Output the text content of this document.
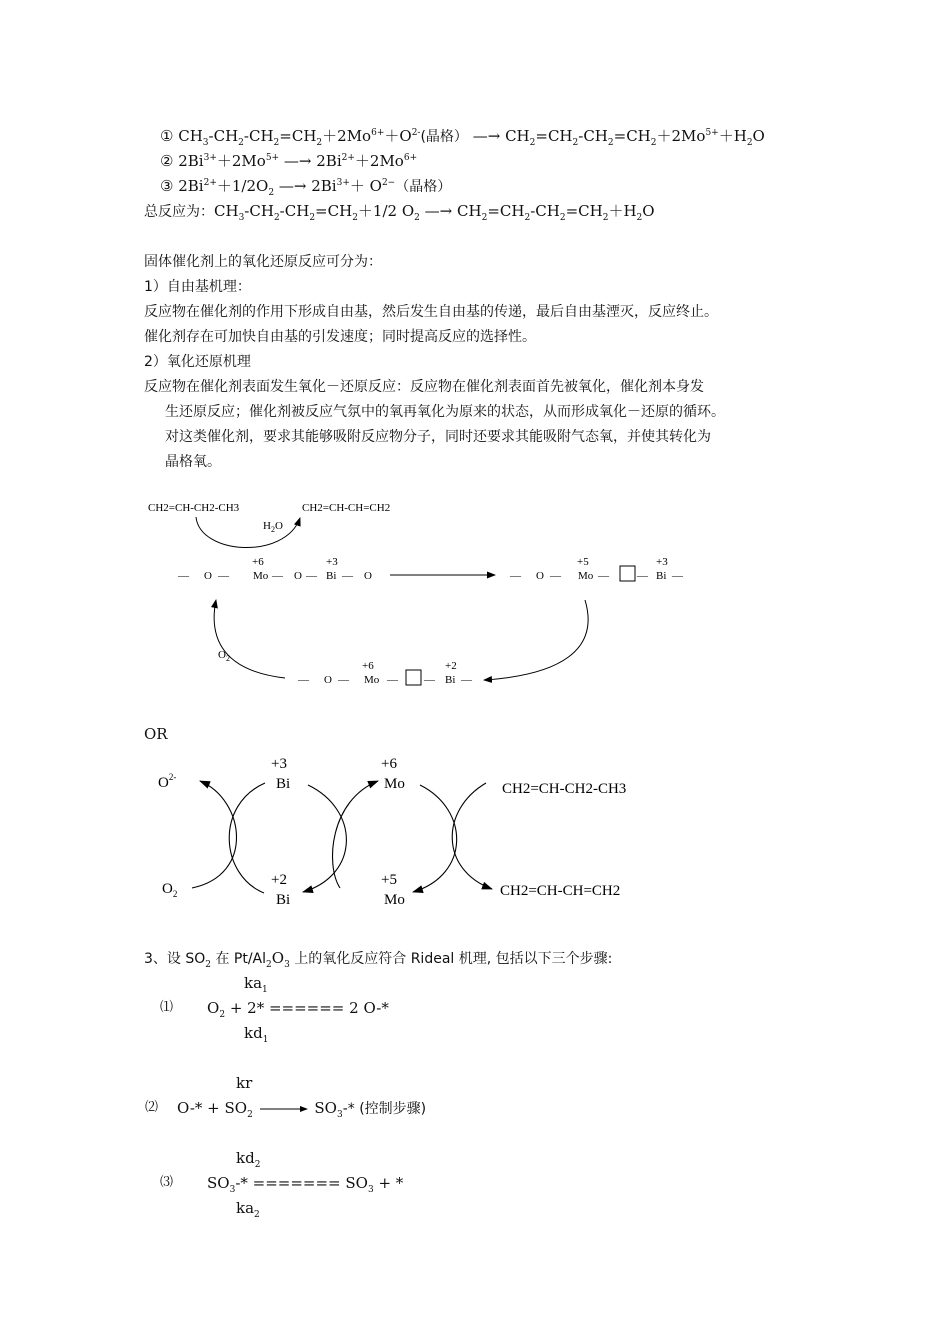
① $CH_3-CH_2-CH_2=CH_2+2Mo^{6+}+O^{2-}$(晶格） —→ $CH_2=CH_2-CH_2=CH_2+2Mo^{5+}+H_2O$
② $2Bi^{3+}+2Mo^{5+}$ —→ $2Bi^{2+}+2Mo^{6+}$
③ $2Bi^{2+}+1/2O_2$ —→ $2Bi^{3+}+ O^{2-}$（晶格）
总反应为：$CH_3-CH_2-CH_2=CH_2+1/2$ $O_2$ —→ $CH_2=CH_2-CH_2=CH_2+H_2O$
固体催化剂上的氧化还原反应可分为：
1）自由基机理：
反应物在催化剂的作用下形成自由基，然后发生自由基的传递，最后自由基湮灭，反应终止。
催化剂存在可加快自由基的引发速度；同时提高反应的选择性。
2）氧化还原机理
反应物在催化剂表面发生氧化－还原反应：反应物在催化剂表面首先被氧化，催化剂本身发
生还原反应；催化剂被反应气氛中的氧再氧化为原来的状态，从而形成氧化－还原的循环。
对这类催化剂，要求其能够吸附反应物分子，同时还要求其能吸附气态氧，并使其转化为
晶格氧。
CH2=CH-CH2-CH3	CH2=CH-CH=CH2
$H_2O$
— O —
+6
Mo — O —
+3
Bi — O	— O —
+5
Mo —	—
+3
Bi —
— O —
+6
Mo — —
+2
Bi —
$O_2$
OR
$O^{2-}$
$O_2$
+3
Bi
+6
Mo
+2
Bi
+5
Mo
CH2=CH-CH2-CH3
CH2=CH-CH=CH2
3、设 $SO_2$ 在 $Pt/Al_2O_3$ 上的氧化反应符合 Rideal 机理, 包括以下三个步骤:
$ka_1$
⑴ $O_2 + 2*$ ====== 2 O-*
$kd_1$
kr
⑵ $O-* + SO_2$	$SO_3-*$ (控制步骤)
$kd_2$
⑶ $SO_3-*$ ======= $SO_3$ + *
$ka_2$
